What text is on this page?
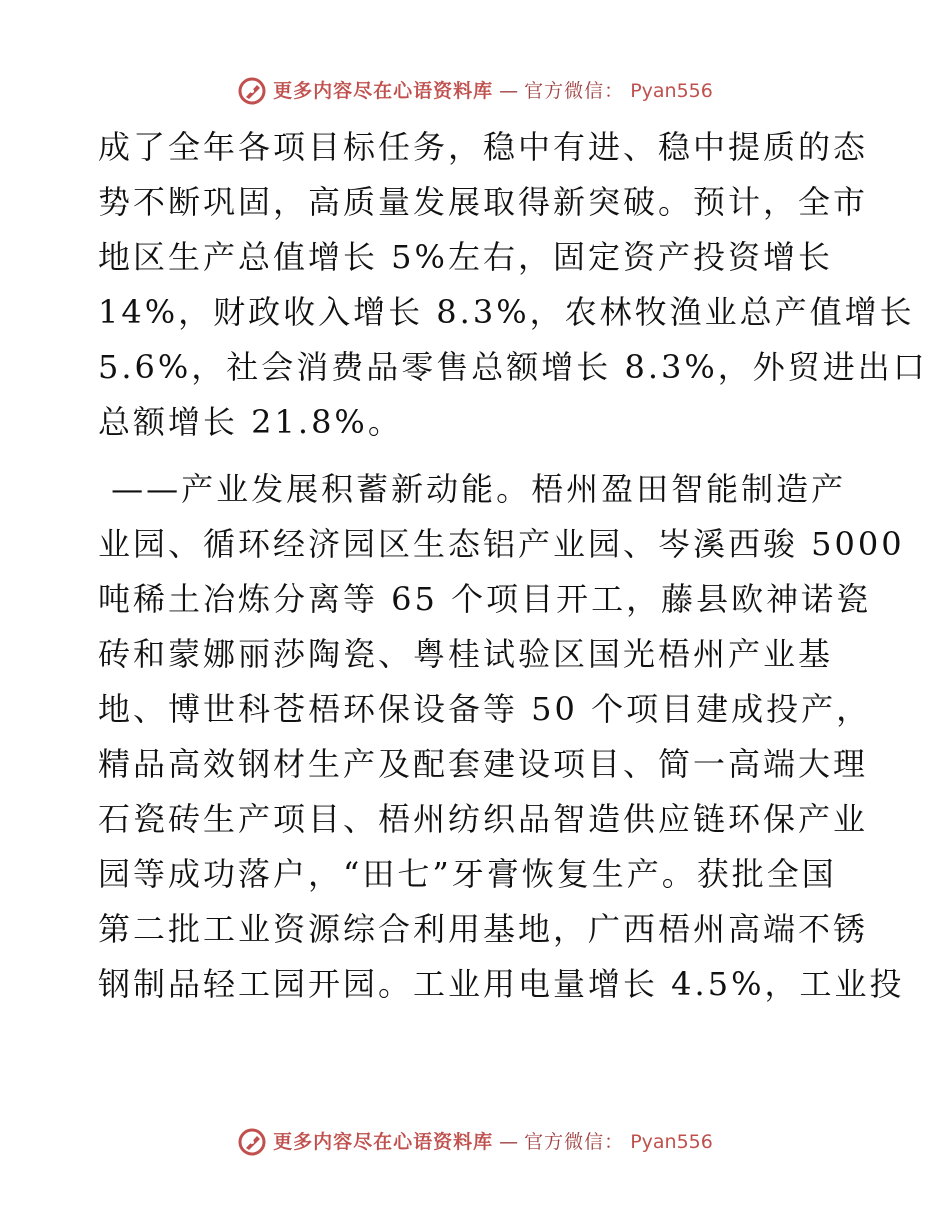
更多内容尽在心语资料库 — 官方微信： Pyan556
成了全年各项目标任务，稳中有进、稳中提质的态
势不断巩固，高质量发展取得新突破。预计，全市
地区生产总值增长 5%左右，固定资产投资增长
14%，财政收入增长 8.3%，农林牧渔业总产值增长
5.6%，社会消费品零售总额增长 8.3%，外贸进出口
总额增长 21.8%。
——产业发展积蓄新动能。梧州盈田智能制造产
业园、循环经济园区生态铝产业园、岑溪西骏 5000
吨稀土冶炼分离等 65 个项目开工，藤县欧神诺瓷
砖和蒙娜丽莎陶瓷、粤桂试验区国光梧州产业基
地、博世科苍梧环保设备等 50 个项目建成投产，
精品高效钢材生产及配套建设项目、简一高端大理
石瓷砖生产项目、梧州纺织品智造供应链环保产业
园等成功落户，“田七”牙膏恢复生产。获批全国
第二批工业资源综合利用基地，广西梧州高端不锈
钢制品轻工园开园。工业用电量增长 4.5%，工业投
更多内容尽在心语资料库 — 官方微信： Pyan556
